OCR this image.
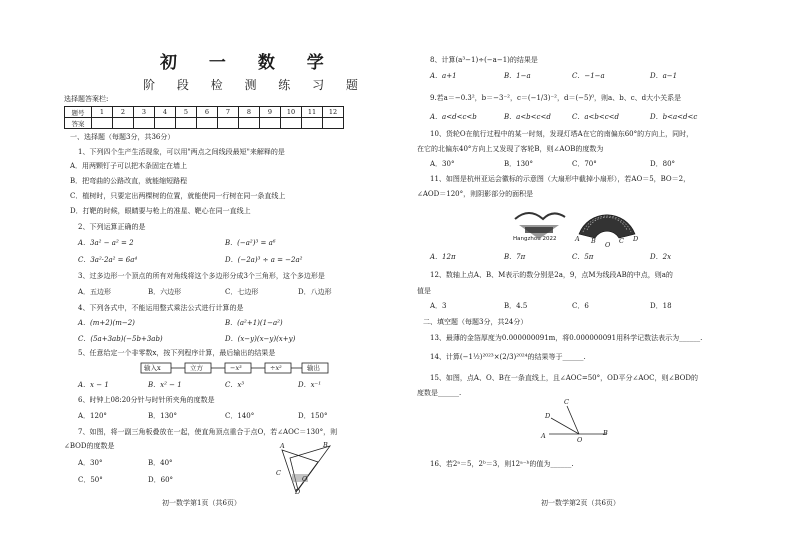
初 一 数 学
阶 段 检 测 练 习 题
选择题答案栏:
题号	1	2	3	4	5	6	7	8	9	10	11	12
答案												
一、选择题（每题3分，共36分）
1、下列四个生产生活现象，可以用"两点之间线段最短"来解释的是
A．用两颗钉子可以把木条固定在墙上
B．把弯曲的公路改直，就能缩短路程
C．植树时，只要定出两棵树的位置，就能使同一行树在同一条直线上
D．打靶的时候，眼睛要与枪上的准星、靶心在同一直线上
2、下列运算正确的是
A．3a² − a² = 2	B．(−a²)³ = a⁶
C．3a²·2a² = 6a⁴	D．(−2a)³ ÷ a = −2a²
3、过多边形一个顶点的所有对角线将这个多边形分成3个三角形，这个多边形是
A．五边形	B．六边形	C．七边形	D．八边形
4、下列各式中，不能运用整式乘法公式进行计算的是
A．(m+2)(m−2)	B．(a²+1)(1−a²)
C．(5a+3ab)(−5b+3ab)	D．(x−y)(x−y)(x+y)
5、任意给定一个非零数x，按下列程序计算，最后输出的结果是
输入x	立方	−x³	÷x²	输出
A．x − 1	B．x² − 1	C．x³	D．x⁻¹
6、时钟上08:20分针与时针所夹角的度数是
A．120°	B．130°	C．140°	D．150°
7、如图，将一副三角板叠放在一起，使直角顶点重合于点O，若∠AOC＝130°，则
∠BOD的度数是
A．30°	B．40°
C．50°	D．60°
A	B
C
O
D
初一数学第1页（共6页）
8、计算(a³−1)÷(−a−1)的结果是
A．a+1	B．1−a	C．−1−a	D．a−1
9.若a＝−0.3²，b＝−3⁻²，c＝(−1/3)⁻²，d＝(−5)⁰，则a、b、c、d大小关系是
A．a<d<c<b	B．a<b<c<d	C．a<b<c<d	D．b<a<d<c
10、货轮O在航行过程中的某一时刻，发现灯塔A在它的南偏东60°的方向上，同时，
在它的北偏东40°方向上又发现了客轮B，则∠AOB的度数为
A．30°	B．130°	C．70°	D．80°
11、如图是杭州亚运会徽标的示意图（大扇形中截掉小扇形），若AO＝5，BO＝2，
∠AOD＝120°，则阴影部分的面积是
Hangzhou 2022	A B	C D
O
A．12π	B．7π	C．5π	D．2x
12、数轴上点A、B、M表示的数分别是2a，9，点M为线段AB的中点，则a的
值是
A．3	B．4.5	C．6	D．18
二、填空题（每题3分，共24分）
13、最薄的金箔厚度为0.000000091m，将0.000000091用科学记数法表示为______.
14、计算(−1½)²⁰²³×(2/3)²⁰²⁴的结果等于______.
15、如图，点A、O、B在一条直线上，且∠AOC=50°，OD平分∠AOC，则∠BOD的
度数是______.
A	O
B
C
D
16、若2ᵃ＝5，2ᵇ＝3，则12ᵃ⁻ᵇ的值为______.
初一数学第2页（共6页）
